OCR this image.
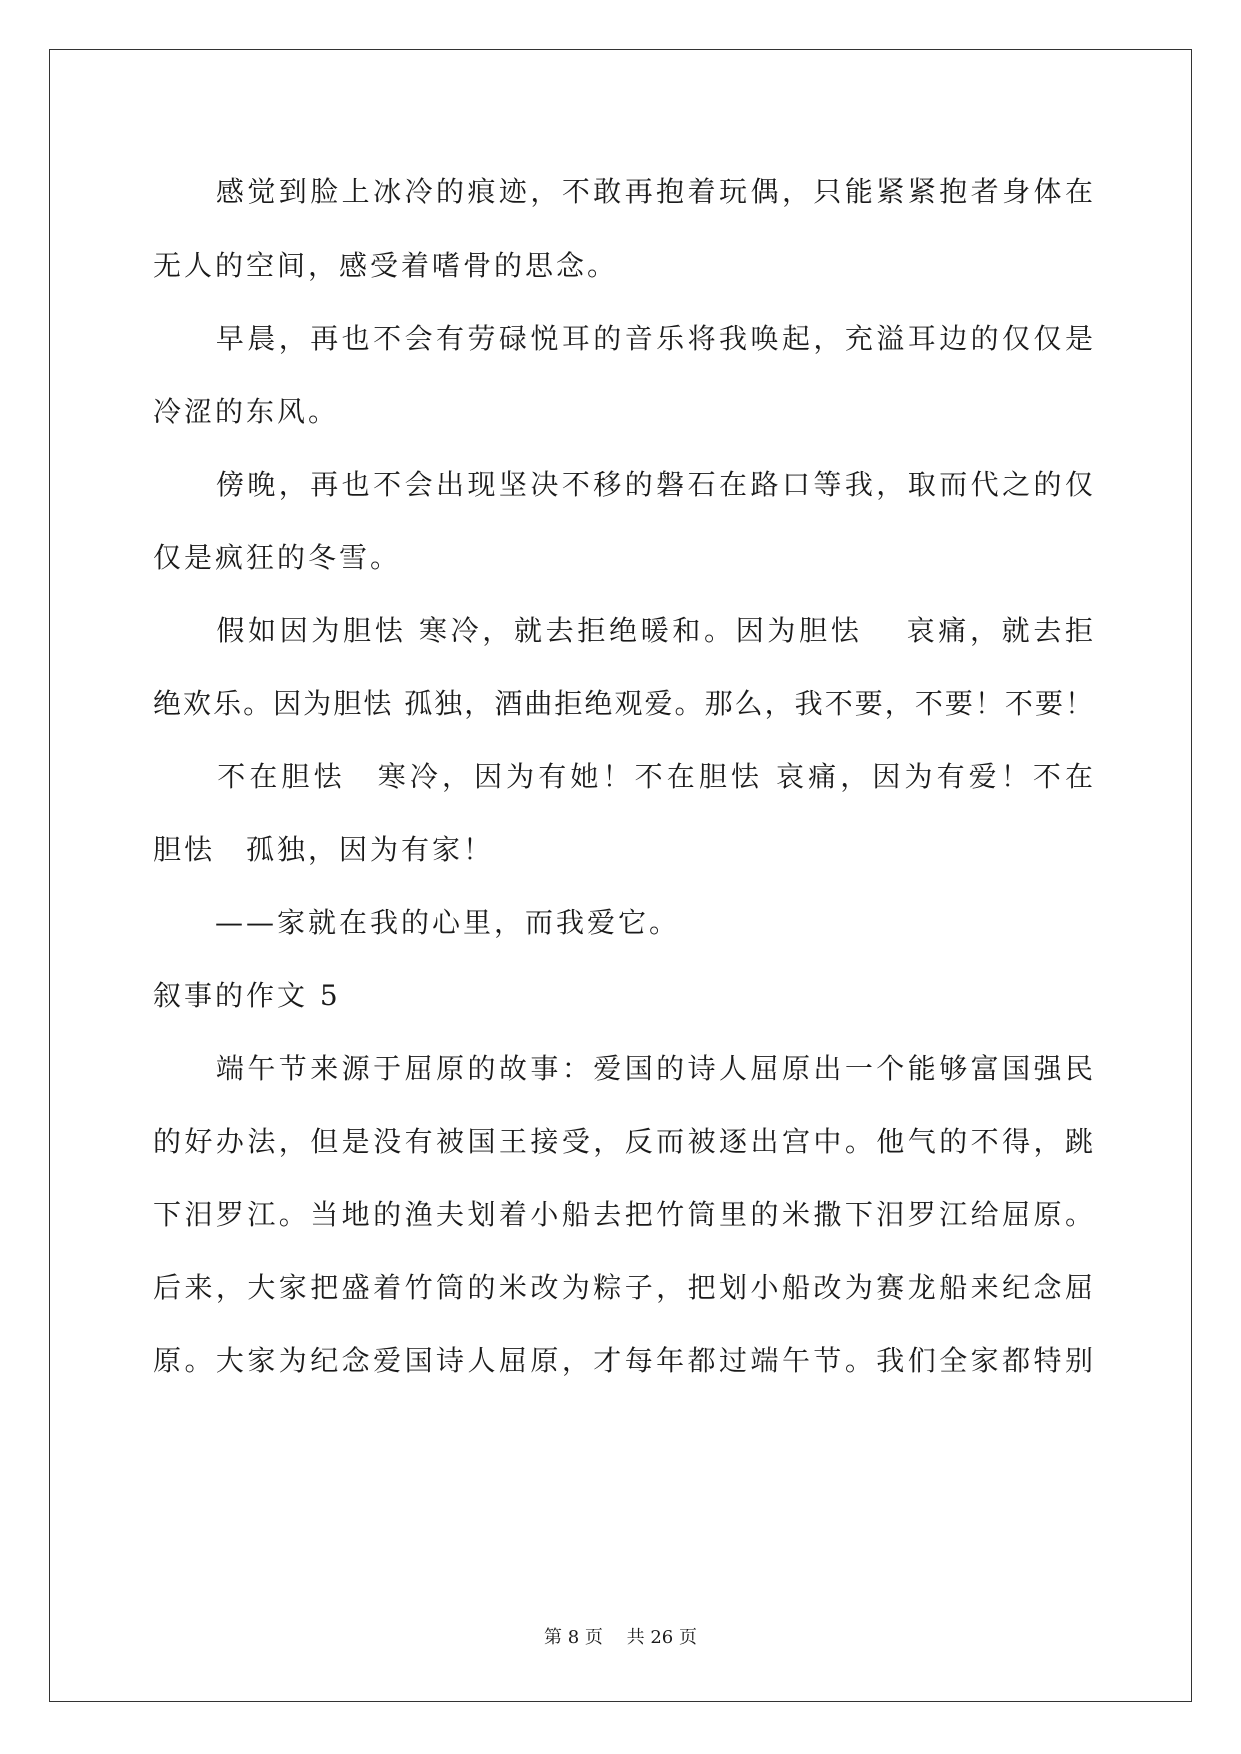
　　感觉到脸上冰冷的痕迹，不敢再抱着玩偶，只能紧紧抱者身体在
无人的空间，感受着嗜骨的思念。
　　早晨，再也不会有劳碌悦耳的音乐将我唤起，充溢耳边的仅仅是
冷涩的东风。
　　傍晚，再也不会出现坚决不移的磐石在路口等我，取而代之的仅
仅是疯狂的冬雪。
　　假如因为胆怯 寒冷，就去拒绝暖和。因为胆怯　 哀痛，就去拒
绝欢乐。因为胆怯 孤独，酒曲拒绝观爱。那么，我不要，不要！不要！
　　不在胆怯　寒冷，因为有她！不在胆怯 哀痛，因为有爱！不在
胆怯　孤独，因为有家！
　　——家就在我的心里，而我爱它。
叙事的作文 5
　　端午节来源于屈原的故事：爱国的诗人屈原出一个能够富国强民
的好办法，但是没有被国王接受，反而被逐出宫中。他气的不得，跳
下汨罗江。当地的渔夫划着小船去把竹筒里的米撒下汨罗江给屈原。
后来，大家把盛着竹筒的米改为粽子，把划小船改为赛龙船来纪念屈
原。大家为纪念爱国诗人屈原，才每年都过端午节。我们全家都特别
第 8 页　 共 26 页
